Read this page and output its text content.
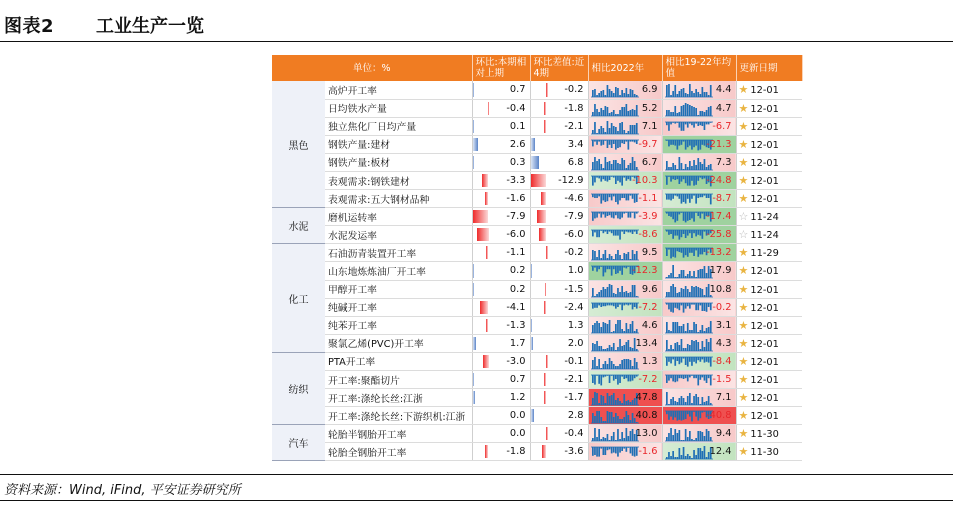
图表2 工业生产一览
单位：%		环比:本期相对上期	环比差值:近4期	相比2022年	相比19-22年均值	更新日期
黑色	高炉开工率	0.7	-0.2	6.9	4.4	★ 12-01
	日均铁水产量	-0.4	-1.8	5.2	4.7	★ 12-01
	独立焦化厂日均产量	0.1	-2.1	7.1	-6.7	★ 12-01
	钢铁产量:建材	2.6	3.4	-9.7	-21.3	★ 12-01
	钢铁产量:板材	0.3	6.8	6.7	7.3	★ 12-01
	表观需求:钢铁建材	-3.3	-12.9	-10.3	-24.8	★ 12-01
	表观需求:五大钢材品种	-1.6	-4.6	-1.1	-8.7	★ 12-01
水泥	磨机运转率	-7.9	-7.9	-3.9	-17.4	☆ 11-24
	水泥发运率	-6.0	-6.0	-8.6	-25.8	☆ 11-24
化工	石油沥青装置开工率	-1.1	-0.2	9.5	-13.2	★ 11-29
	山东地炼炼油厂开工率	0.2	1.0	-12.3	17.9	★ 12-01
	甲醇开工率	0.2	-1.5	9.6	10.8	★ 12-01
	纯碱开工率	-4.1	-2.4	-7.2	-0.2	★ 12-01
	纯苯开工率	-1.3	1.3	4.6	3.1	★ 12-01
	聚氯乙烯(PVC)开工率	1.7	2.0	13.4	4.3	★ 12-01
纺织	PTA开工率	-3.0	-0.1	1.3	-8.4	★ 12-01
	开工率:聚酯切片	0.7	-2.1	-7.2	-1.5	★ 12-01
	开工率:涤纶长丝:江浙	1.2	-1.7	47.8	7.1	★ 12-01
	开工率:涤纶长丝:下游织机:江浙	0.0	2.8	40.8	-40.8	★ 12-01
汽车	轮胎半钢胎开工率	0.0	-0.4	13.0	9.4	★ 11-30
	轮胎全钢胎开工率	-1.8	-3.6	-1.6	12.4	★ 11-30
资料来源：Wind, iFind, 平安证券研究所
